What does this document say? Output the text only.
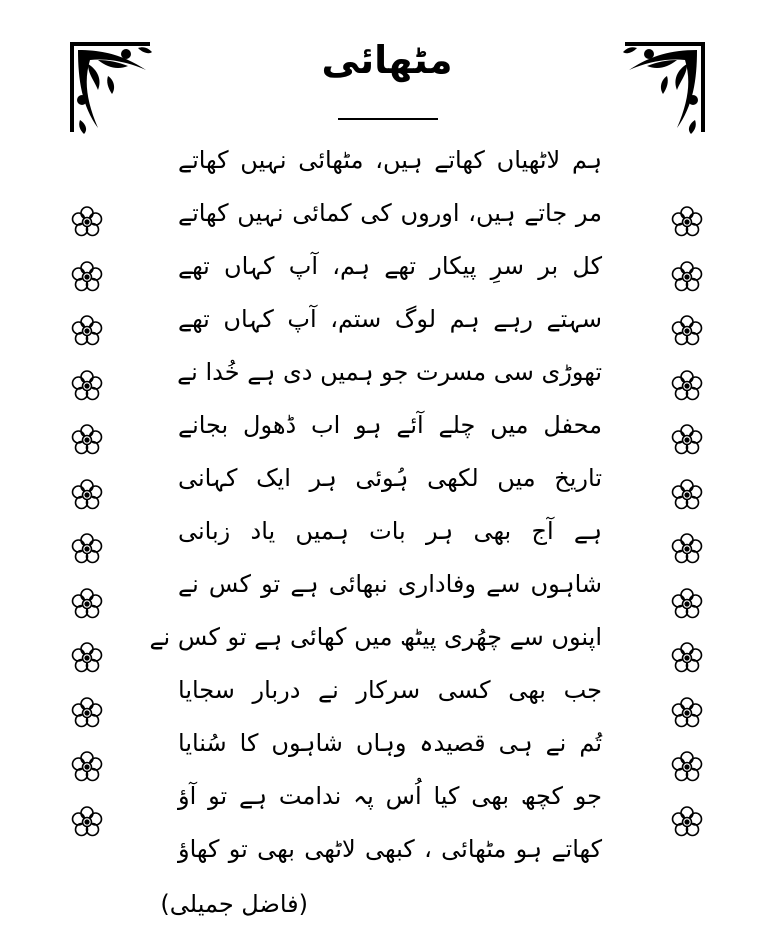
مٹھائی
ہم لاٹھیاں کھاتے ہیں، مٹھائی نہیں کھاتے
مر جاتے ہیں، اوروں کی کمائی نہیں کھاتے
کل بر سرِ پیکار تھے ہم، آپ کہاں تھے
سہتے رہے ہم لوگ ستم، آپ کہاں تھے
تھوڑی سی مسرت جو ہمیں دی ہے خُدا نے
محفل میں چلے آئے ہو اب ڈھول بجانے
تاریخ میں لکھی ہُوئی ہر ایک کہانی
ہے آج بھی ہر بات ہمیں یاد زبانی
شاہوں سے وفاداری نبھائی ہے تو کس نے
اپنوں سے چھُری پیٹھ میں کھائی ہے تو کس نے
جب بھی کسی سرکار نے دربار سجایا
تُم نے ہی قصیدہ وہاں شاہوں کا سُنایا
جو کچھ بھی کیا اُس پہ ندامت ہے تو آؤ
کھاتے ہو مٹھائی ، کبھی لاٹھی بھی تو کھاؤ
(فاضل جمیلی)
